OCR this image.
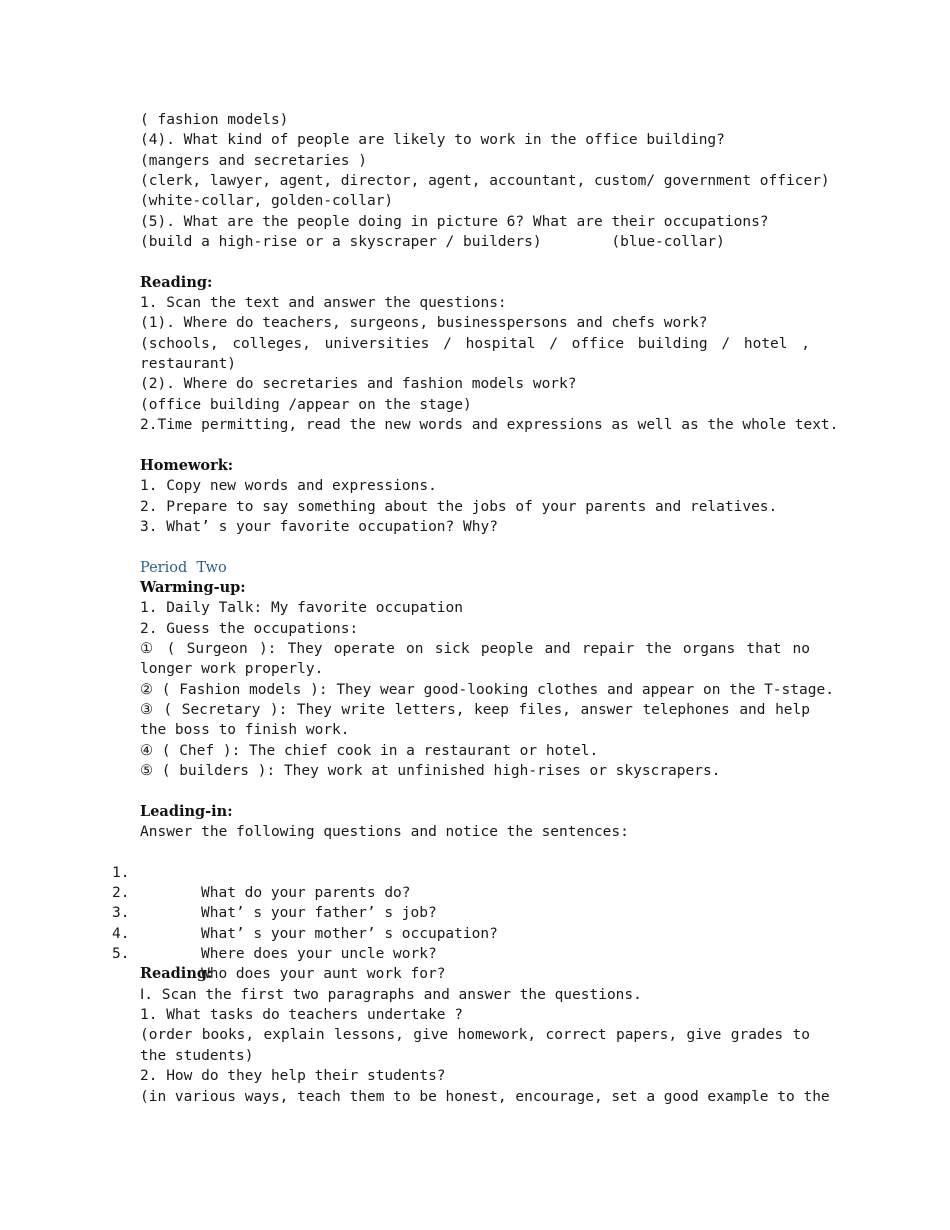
( fashion models)
(4). What kind of people are likely to work in the office building?
(mangers and secretaries )
(clerk, lawyer, agent, director, agent, accountant, custom/ government officer)
(white-collar, golden-collar)
(5). What are the people doing in picture 6? What are their occupations?
(build a high-rise or a skyscraper / builders)        (blue-collar)
Reading:
1. Scan the text and answer the questions:
(1). Where do teachers, surgeons, businesspersons and chefs work?
(schools, colleges, universities / hospital / office building / hotel , restaurant)
(2). Where do secretaries and fashion models work?
(office building /appear on the stage)
2.Time permitting, read the new words and expressions as well as the whole text.
Homework:
1. Copy new words and expressions.
2. Prepare to say something about the jobs of your parents and relatives.
3. What’ s your favorite occupation? Why?
Period  Two
Warming-up:
1. Daily Talk: My favorite occupation
2. Guess the occupations:
① ( Surgeon ): They operate on sick people and repair the organs that no longer work properly.
② ( Fashion models ): They wear good-looking clothes and appear on the T-stage.
③ ( Secretary ): They write letters, keep files, answer telephones and help the boss to finish work.
④ ( Chef ): The chief cook in a restaurant or hotel.
⑤ ( builders ): They work at unfinished high-rises or skyscrapers.
Leading-in:
Answer the following questions and notice the sentences:

1.

What do your parents do?

2.

What’ s your father’ s job?

3.

What’ s your mother’ s occupation?

4.

Where does your uncle work?

5.

Who does your aunt work for?

Reading:
Ⅰ. Scan the first two paragraphs and answer the questions.
1. What tasks do teachers undertake ?
(order books, explain lessons, give homework, correct papers, give grades to the students)
2. How do they help their students?
(in various ways, teach them to be honest, encourage, set a good example to the
